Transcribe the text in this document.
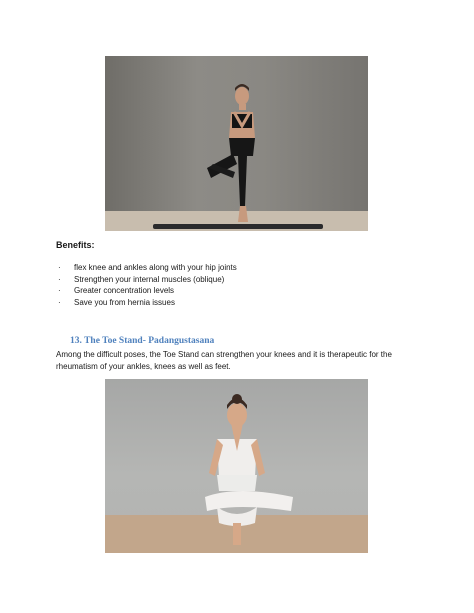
Benefits:
· flex knee and ankles along with your hip joints
· Strengthen your internal muscles (oblique)
· Greater concentration levels
· Save you from hernia issues
13. The Toe Stand- Padangustasana
Among the difficult poses, the Toe Stand can strengthen your knees and it is therapeutic for the rheumatism of your ankles, knees as well as feet.
